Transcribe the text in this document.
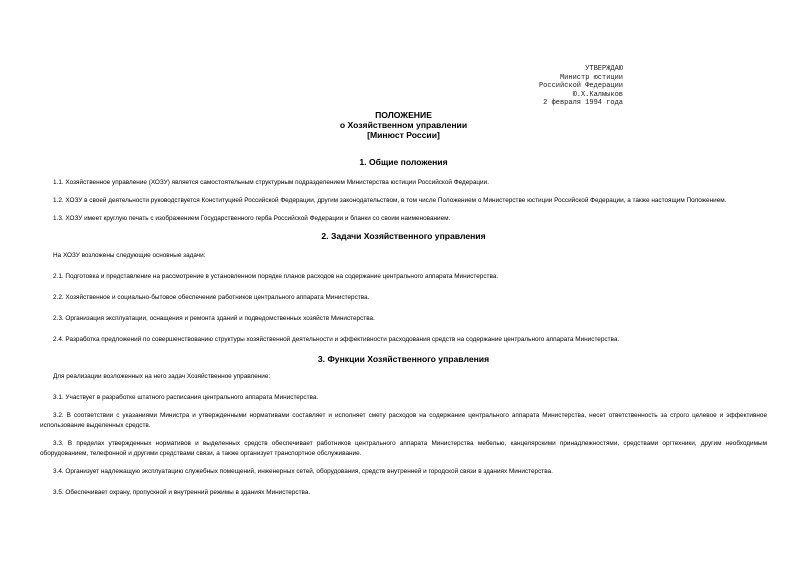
УТВЕРЖДАЮ
Министр юстиции
Российской Федерации
Ю.Х.Калмыков
2 февраля 1994 года
ПОЛОЖЕНИЕ
о Хозяйственном управлении
[Минюст России]
1. Общие положения
1.1. Хозяйственное управление (ХОЗУ) является самостоятельным структурным подразделением Министерства юстиции Российской Федерации.
1.2. ХОЗУ в своей деятельности руководствуется Конституцией Российской Федерации, другим законодательством, в том числе Положением о Министерстве юстиции Российской Федерации, а также настоящим Положением.
1.3. ХОЗУ имеет круглую печать с изображением Государственного герба Российской Федерации и бланки со своим наименованием.
2. Задачи Хозяйственного управления
На ХОЗУ возложены следующие основные задачи:
2.1. Подготовка и представление на рассмотрение в установленном порядке планов расходов на содержание центрального аппарата Министерства.
2.2. Хозяйственное и социально-бытовое обеспечение работников центрального аппарата Министерства.
2.3. Организация эксплуатации, оснащения и ремонта зданий и подведомственных хозяйств Министерства.
2.4. Разработка предложений по совершенствованию структуры хозяйственной деятельности и эффективности расходования средств на содержание центрального аппарата Министерства.
3. Функции Хозяйственного управления
Для реализации возложенных на него задач Хозяйственное управление:
3.1. Участвует в разработке штатного расписания центрального аппарата Министерства.
3.2. В соответствии с указаниями Министра и утвержденными нормативами составляет и исполняет смету расходов на содержание центрального аппарата Министерства, несет ответственность за строго целевое и эффективное использование выделенных средств.
3.3. В пределах утвержденных нормативов и выделенных средств обеспечивает работников центрального аппарата Министерства мебелью, канцелярскими принадлежностями, средствами оргтехники, другим необходимым оборудованием, телефонной и другими средствами связи, а также организует транспортное обслуживание.
3.4. Организует надлежащую эксплуатацию служебных помещений, инженерных сетей, оборудования, средств внутренней и городской связи в зданиях Министерства.
3.5. Обеспечивает охрану, пропускной и внутренний режимы в зданиях Министерства.
